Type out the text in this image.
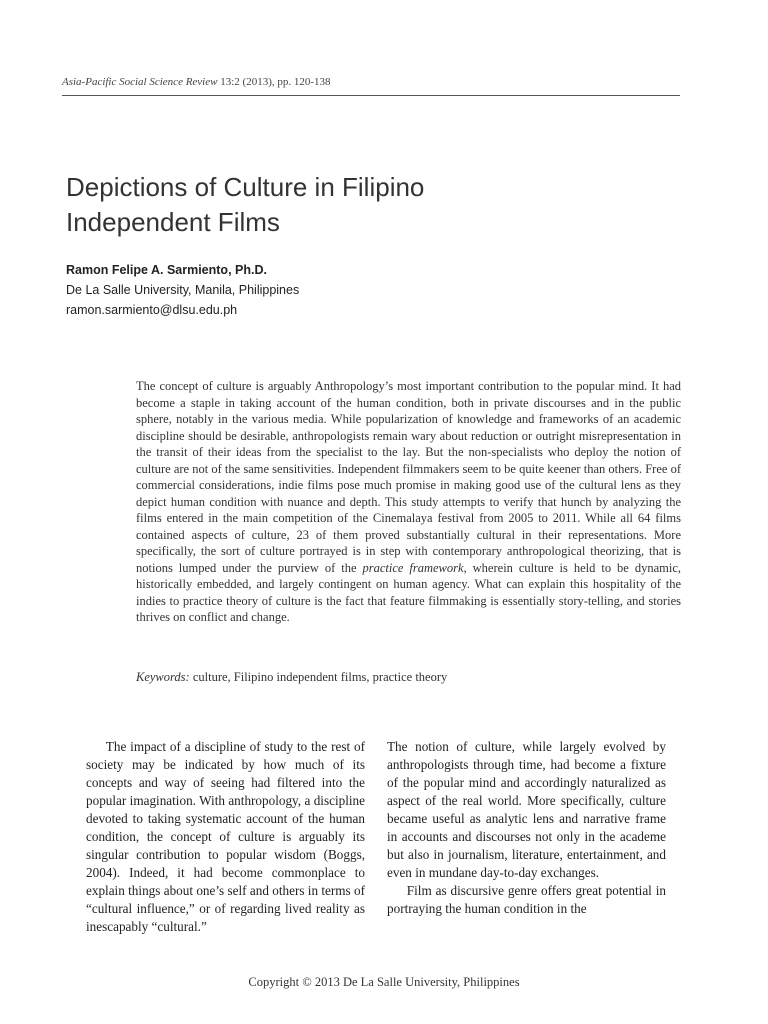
Asia-Pacific Social Science Review 13:2 (2013), pp. 120-138
Depictions of Culture in Filipino
Independent Films
Ramon Felipe A. Sarmiento, Ph.D.
De La Salle University, Manila, Philippines
ramon.sarmiento@dlsu.edu.ph

The concept of culture is arguably Anthropology’s most important contribution to the popular mind. It had become a staple in taking account of the human condition, both in private discourses and in the public sphere, notably in the various media. While popularization of knowledge and frameworks of an academic discipline should be desirable, anthropologists remain wary about reduction or outright misrepresentation in the transit of their ideas from the specialist to the lay. But the non-specialists who deploy the notion of culture are not of the same sensitivities. Independent filmmakers seem to be quite keener than others. Free of commercial considerations, indie films pose much promise in making good use of the cultural lens as they depict human condition with nuance and depth. This study attempts to verify that hunch by analyzing the films entered in the main competition of the Cinemalaya festival from 2005 to 2011. While all 64 films contained aspects of culture, 23 of them proved substantially cultural in their representations. More specifically, the sort of culture portrayed is in step with contemporary anthropological theorizing, that is notions lumped under the purview of the practice framework, wherein culture is held to be dynamic, historically embedded, and largely contingent on human agency. What can explain this hospitality of the indies to practice theory of culture is the fact that feature filmmaking is essentially story-telling, and stories thrives on conflict and change.

Keywords: culture, Filipino independent films, practice theory

The impact of a discipline of study to the rest of society may be indicated by how much of its concepts and way of seeing had filtered into the popular imagination. With anthropology, a discipline devoted to taking systematic account of the human condition, the concept of culture is arguably its singular contribution to popular wisdom (Boggs, 2004). Indeed, it had become commonplace to explain things about one’s self and others in terms of “cultural influence,” or of regarding lived reality as inescapably “cultural.”

The notion of culture, while largely evolved by anthropologists through time, had become a fixture of the popular mind and accordingly naturalized as aspect of the real world. More specifically, culture became useful as analytic lens and narrative frame in accounts and discourses not only in the academe but also in journalism, literature, entertainment, and even in mundane day-to-day exchanges.

Film as discursive genre offers great potential in portraying the human condition in the

Copyright © 2013 De La Salle University, Philippines
